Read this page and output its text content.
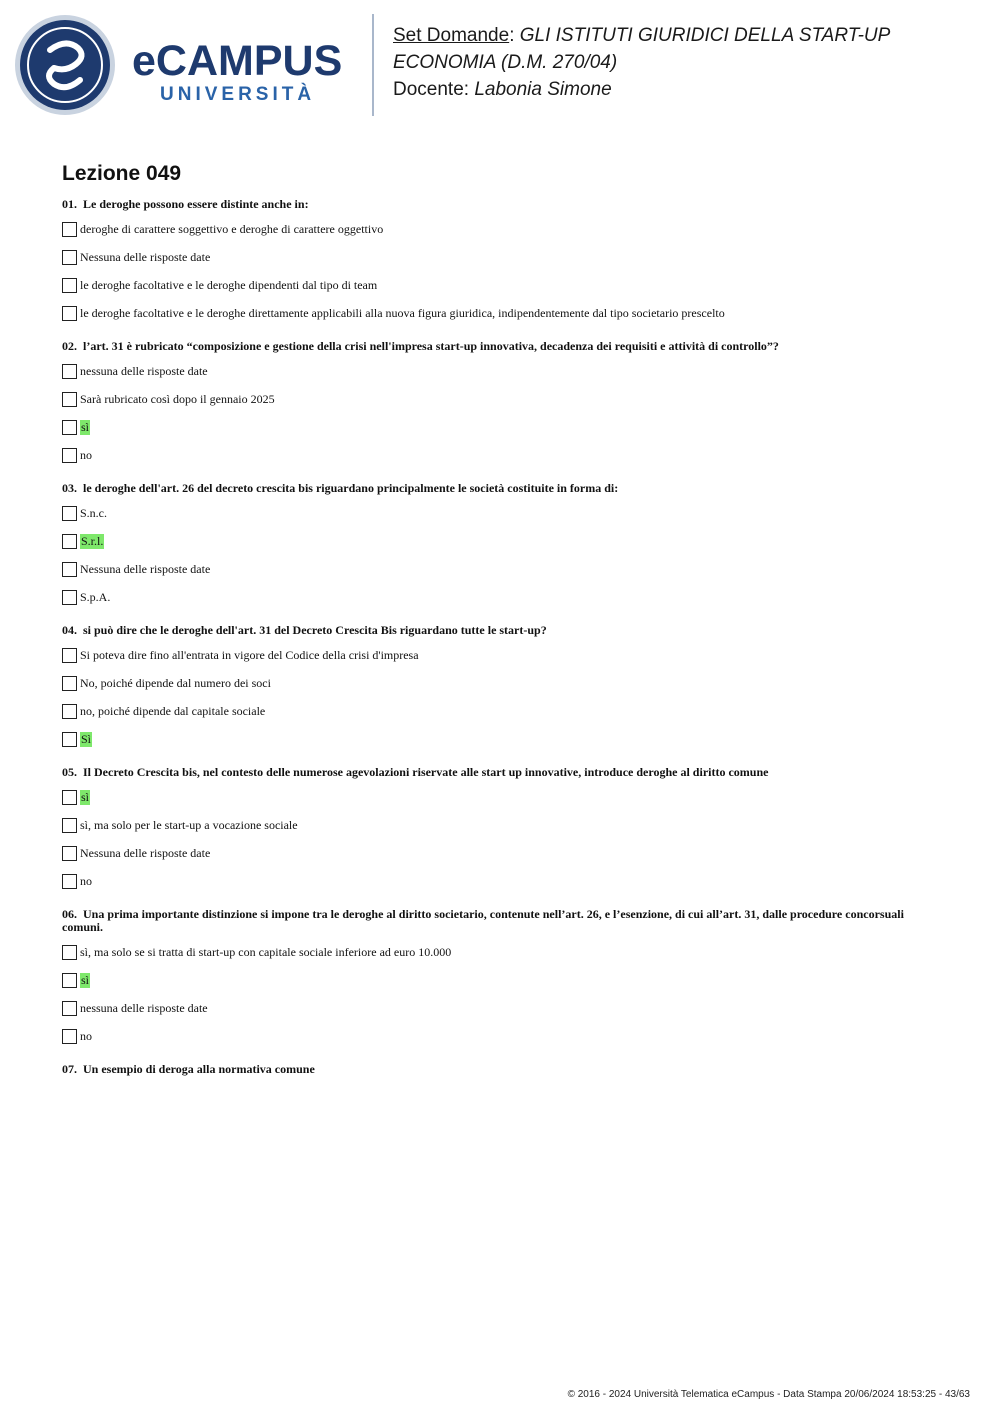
eCAMPUS
UNIVERSITÀ
Set Domande: GLI ISTITUTI GIURIDICI DELLA START-UP
ECONOMIA (D.M. 270/04)
Docente: Labonia Simone
Lezione 049
01. Le deroghe possono essere distinte anche in:
deroghe di carattere soggettivo e deroghe di carattere oggettivo
Nessuna delle risposte date
le deroghe facoltative e le deroghe dipendenti dal tipo di team
le deroghe facoltative e le deroghe direttamente applicabili alla nuova figura giuridica, indipendentemente dal tipo societario prescelto
02. l’art. 31 è rubricato “composizione e gestione della crisi nell'impresa start-up innovativa, decadenza dei requisiti e attività di controllo”?
nessuna delle risposte date
Sarà rubricato così dopo il gennaio 2025
sì
no
03. le deroghe dell'art. 26 del decreto crescita bis riguardano principalmente le società costituite in forma di:
S.n.c.
S.r.l.
Nessuna delle risposte date
S.p.A.
04. si può dire che le deroghe dell'art. 31 del Decreto Crescita Bis riguardano tutte le start-up?
Si poteva dire fino all'entrata in vigore del Codice della crisi d'impresa
No, poiché dipende dal numero dei soci
no, poiché dipende dal capitale sociale
Sì
05. Il Decreto Crescita bis, nel contesto delle numerose agevolazioni riservate alle start up innovative, introduce deroghe al diritto comune
sì
sì, ma solo per le start-up a vocazione sociale
Nessuna delle risposte date
no
06. Una prima importante distinzione si impone tra le deroghe al diritto societario, contenute nell’art. 26, e l’esenzione, di cui all’art. 31, dalle procedure concorsuali comuni.
sì, ma solo se si tratta di start-up con capitale sociale inferiore ad euro 10.000
sì
nessuna delle risposte date
no
07. Un esempio di deroga alla normativa comune
© 2016 - 2024 Università Telematica eCampus - Data Stampa 20/06/2024 18:53:25 - 43/63
